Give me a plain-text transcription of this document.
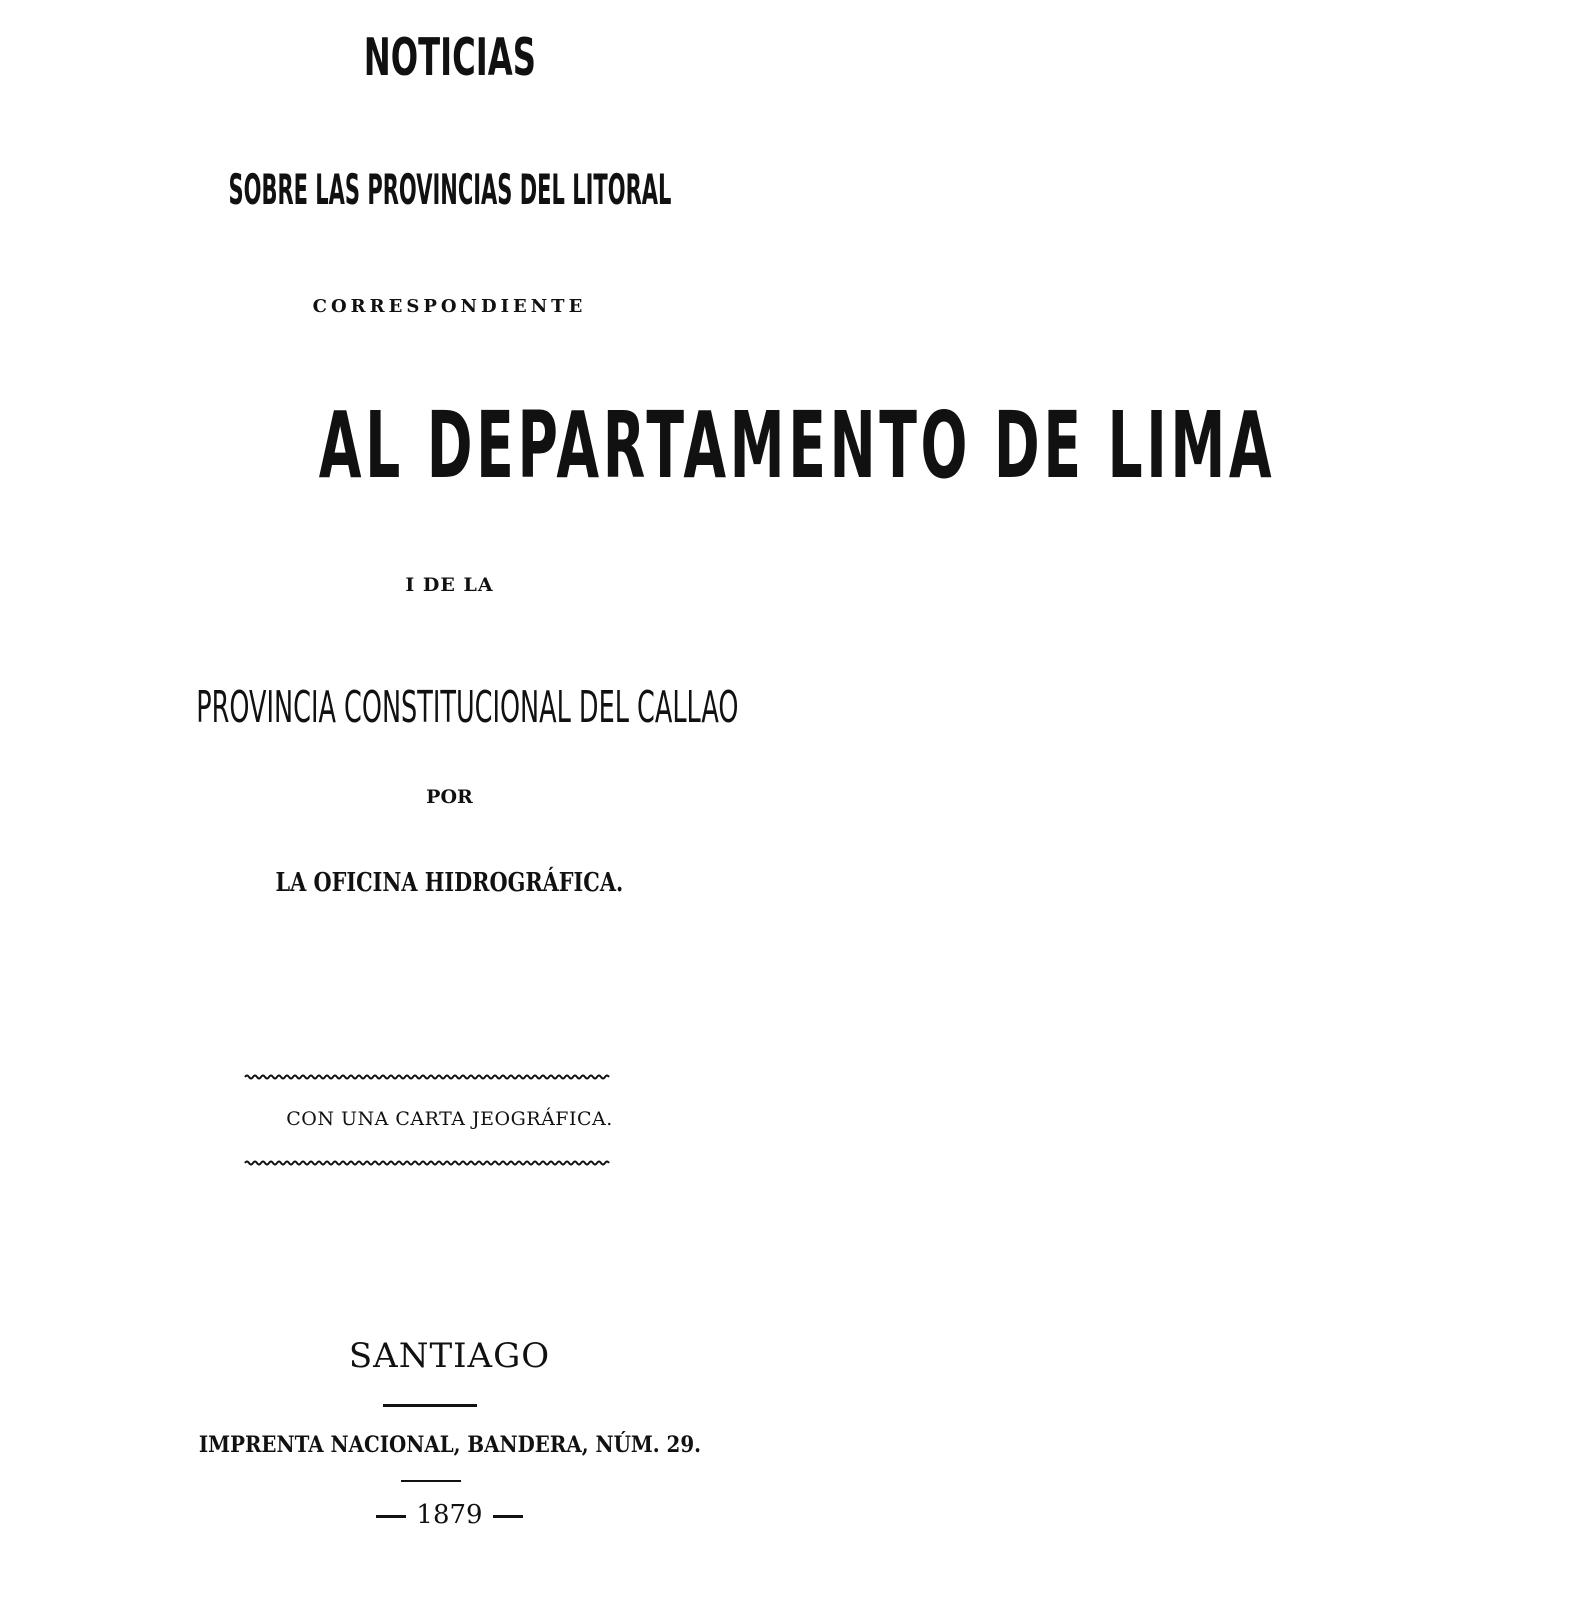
NOTICIAS
SOBRE LAS PROVINCIAS DEL LITORAL
CORRESPONDIENTE
AL DEPARTAMENTO DE LIMA
I DE LA
PROVINCIA CONSTITUCIONAL DEL CALLAO
POR
LA OFICINA HIDROGRÁFICA.
CON UNA CARTA JEOGRÁFICA.
SANTIAGO
IMPRENTA NACIONAL, BANDERA, NÚM. 29.
1879
